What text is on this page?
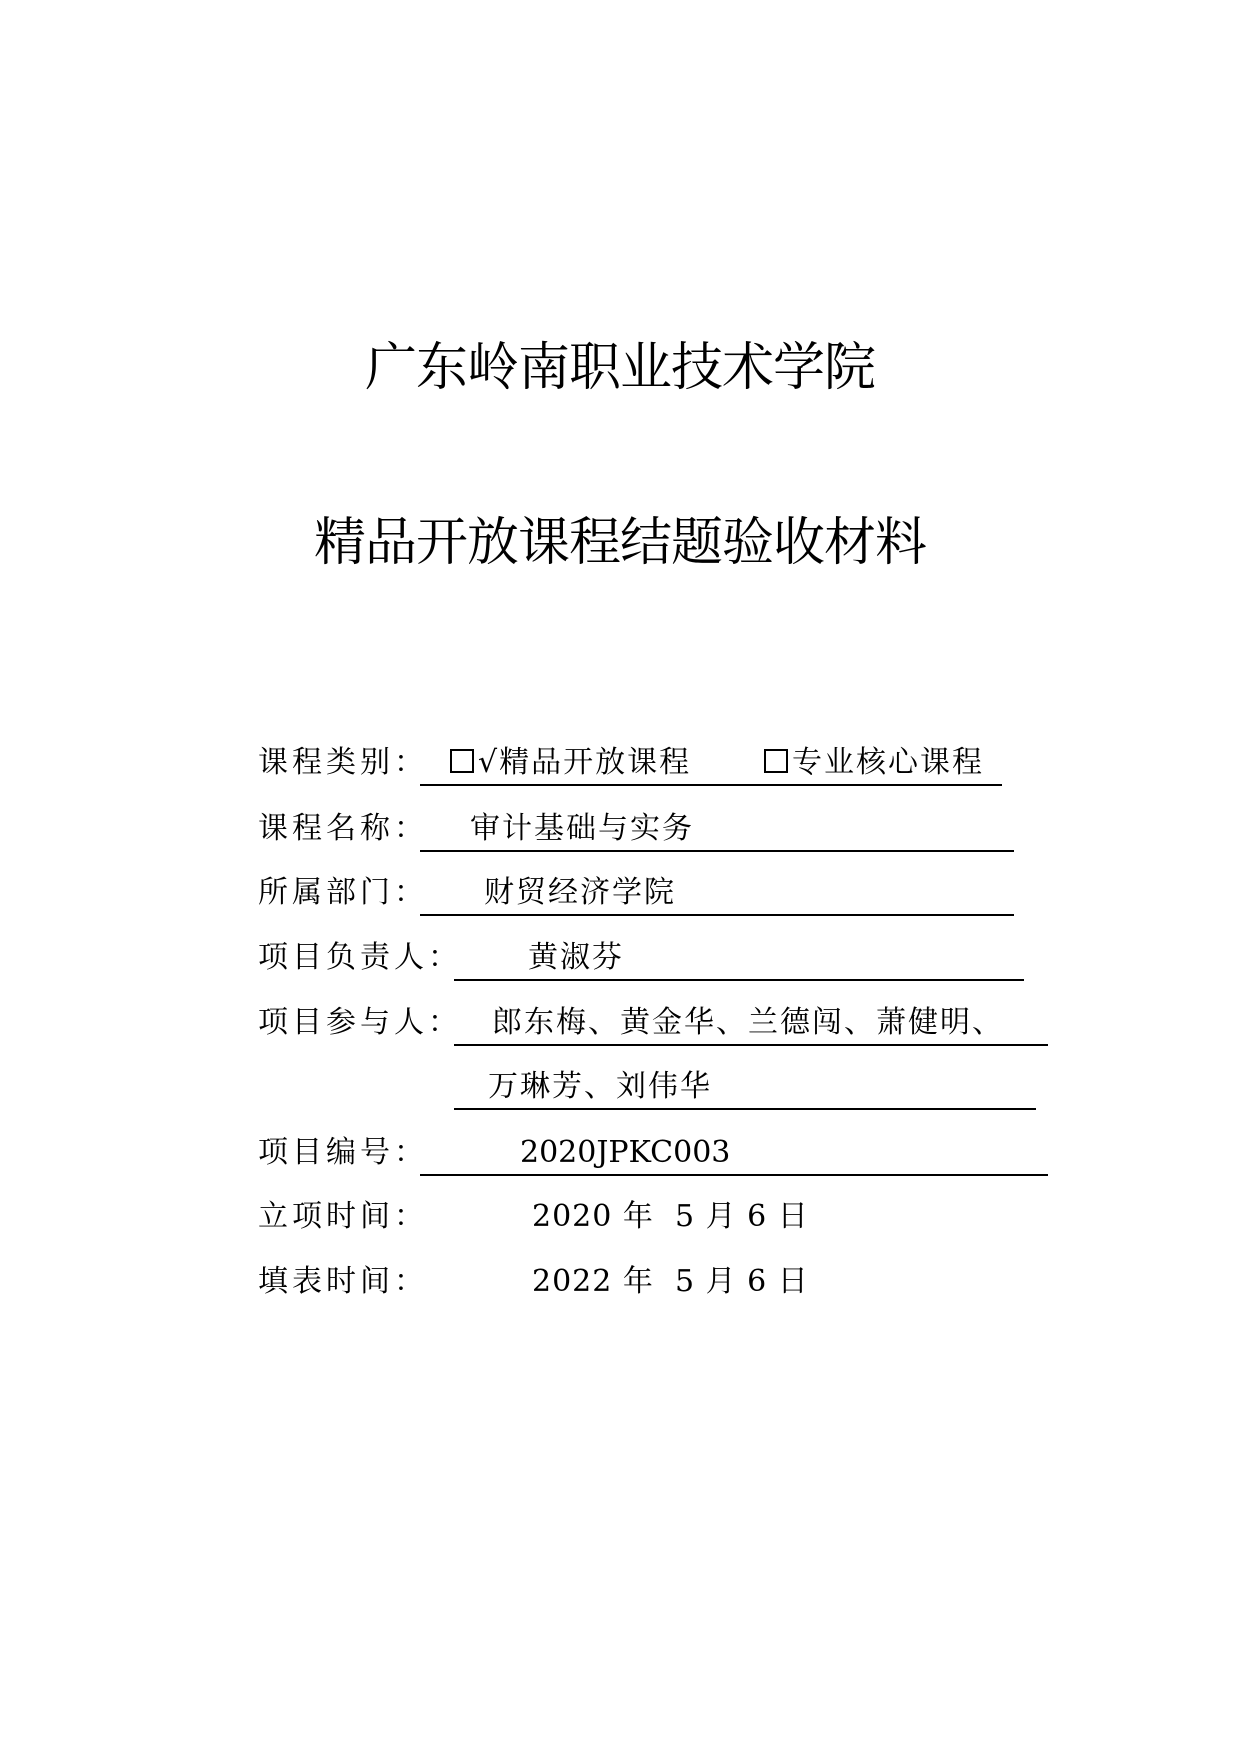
广东岭南职业技术学院
精品开放课程结题验收材料
课程类别：	√精品开放课程	专业核心课程
课程名称： 审计基础与实务
所属部门： 财贸经济学院
项目负责人： 黄淑芬
项目参与人： 郎东梅、黄金华、兰德闯、萧健明、
万琳芳、刘伟华
项目编号：	2020JPKC003
立项时间：	2020 年  5 月 6 日
填表时间：	2022 年  5 月 6 日
